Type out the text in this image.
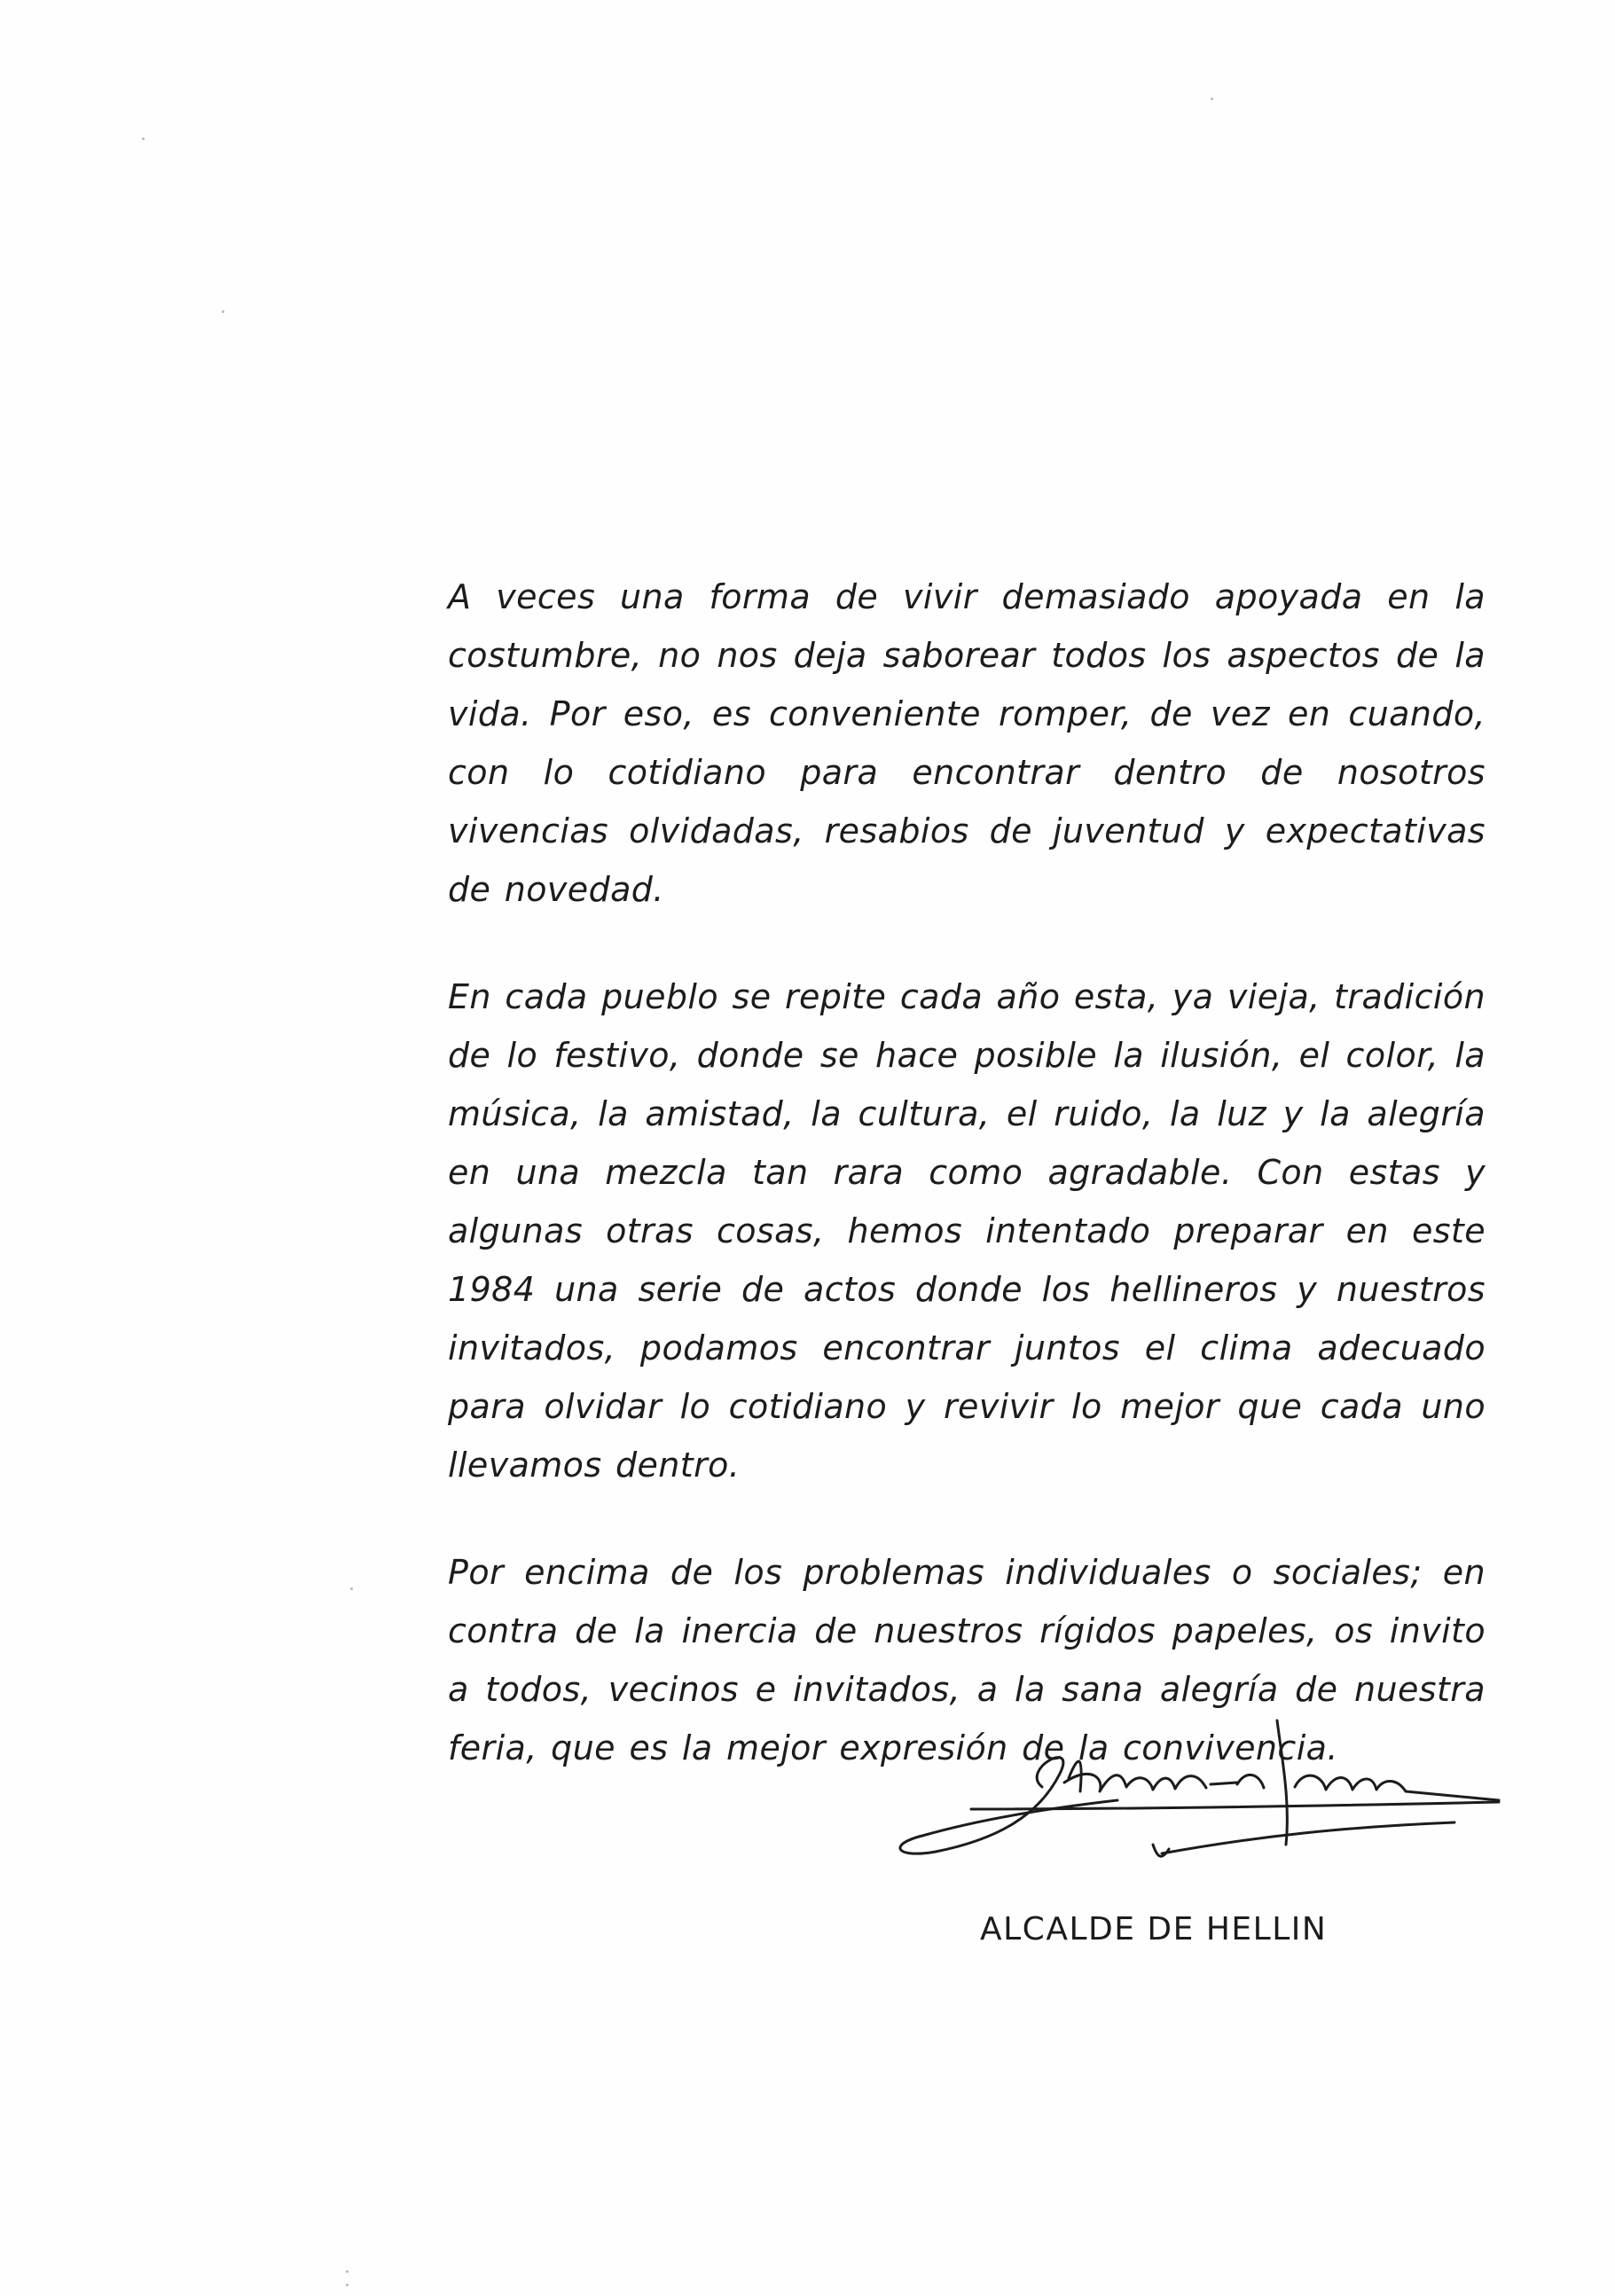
A veces una forma de vivir demasiado apoyada en la costumbre, no nos deja saborear todos los aspectos de la vida. Por eso, es conveniente romper, de vez en cuando, con lo cotidiano para encontrar dentro de nosotros vivencias olvidadas, resabios de juventud y expectativas de novedad.

En cada pueblo se repite cada año esta, ya vieja, tradición de lo festivo, donde se hace posible la ilusión, el color, la música, la amistad, la cultura, el ruido, la luz y la alegría en una mezcla tan rara como agradable. Con estas y algunas otras cosas, hemos intentado preparar en este 1984 una serie de actos donde los hellineros y nuestros invitados, podamos encontrar juntos el clima adecuado para olvidar lo cotidiano y revivir lo mejor que cada uno llevamos dentro.

Por encima de los problemas individuales o sociales; en contra de la inercia de nuestros rígidos papeles, os invito a todos, vecinos e invitados, a la sana alegría de nuestra feria, que es la mejor expresión de la convivencia.

ALCALDE DE HELLIN
